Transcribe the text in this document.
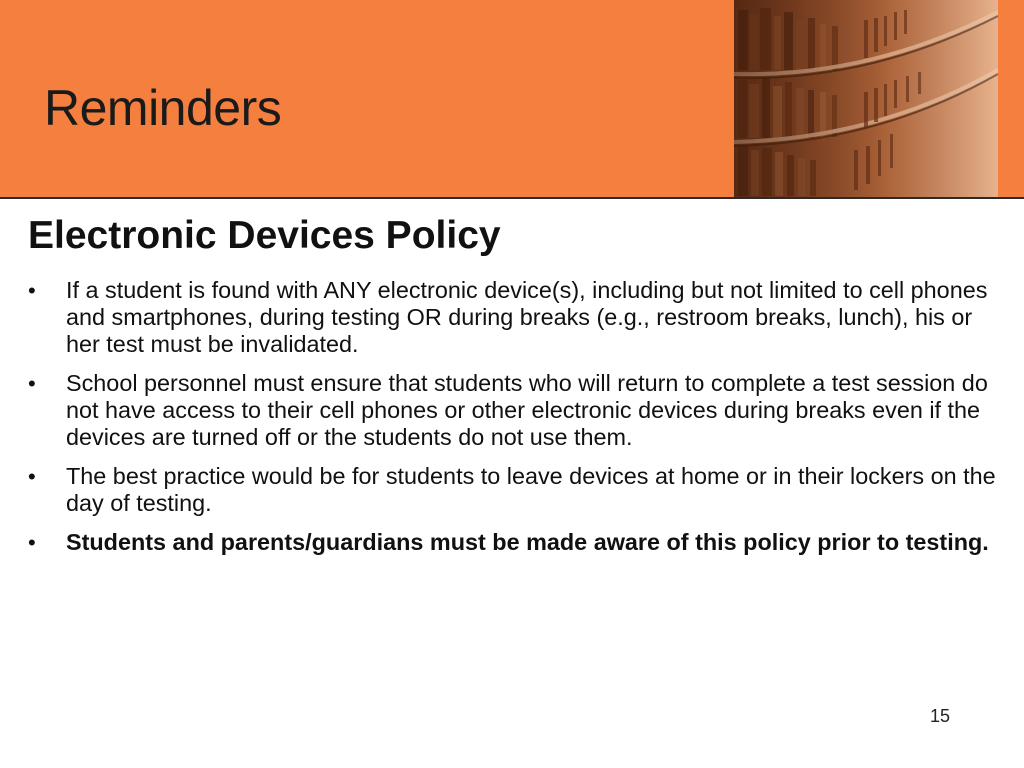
Reminders
Electronic Devices Policy
• If a student is found with ANY electronic device(s), including but not limited to cell phones and smartphones, during testing OR during breaks (e.g., restroom breaks, lunch), his or her test must be invalidated.
• School personnel must ensure that students who will return to complete a test session do not have access to their cell phones or other electronic devices during breaks even if the devices are turned off or the students do not use them.
• The best practice would be for students to leave devices at home or in their lockers on the day of testing.
• Students and parents/guardians must be made aware of this policy prior to testing.
15
